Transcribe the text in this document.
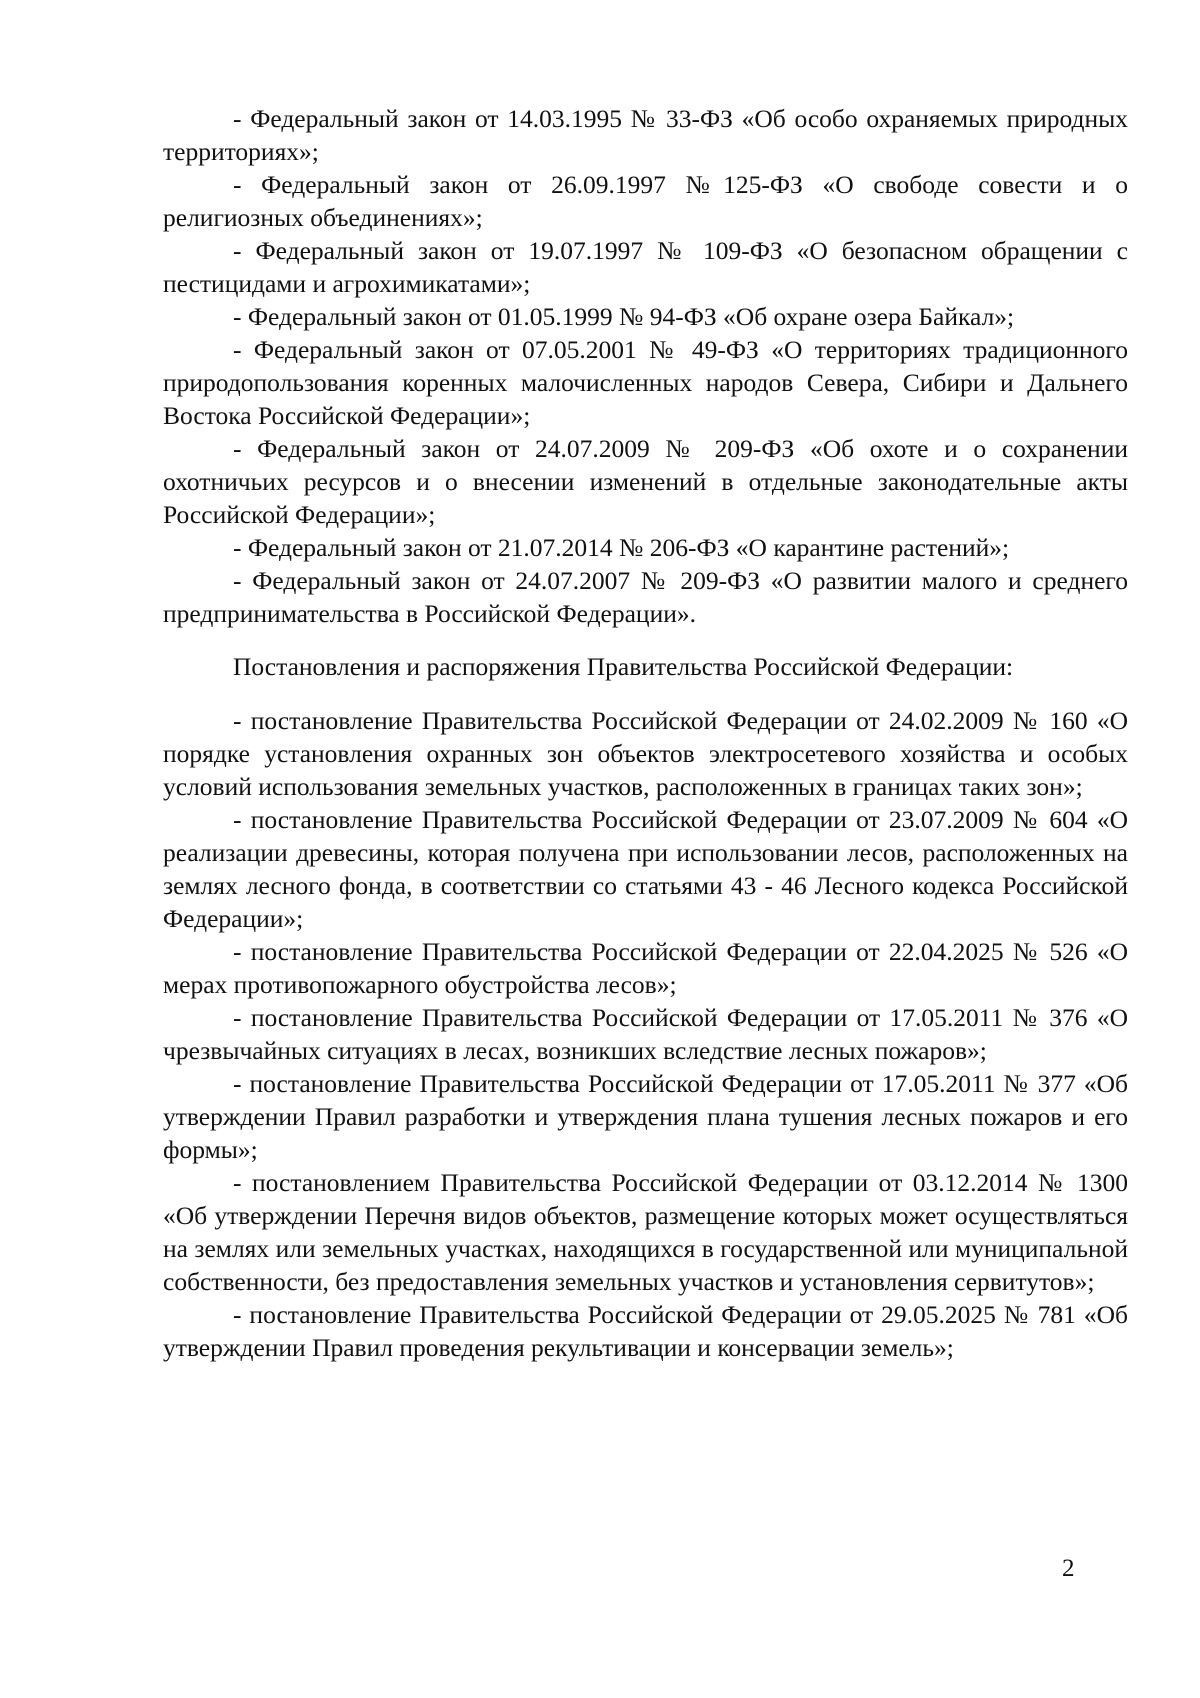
- Федеральный закон от 14.03.1995 № 33-ФЗ «Об особо охраняемых природных территориях»;

- Федеральный закон от 26.09.1997 №125-ФЗ «О свободе совести и о религиозных объединениях»;

- Федеральный закон от 19.07.1997 № 109-ФЗ «О безопасном обращении с пестицидами и агрохимикатами»;

- Федеральный закон от 01.05.1999 № 94-ФЗ «Об охране озера Байкал»;

- Федеральный закон от 07.05.2001 № 49-ФЗ «О территориях традиционного природопользования коренных малочисленных народов Севера, Сибири и Дальнего Востока Российской Федерации»;

- Федеральный закон от 24.07.2009 № 209-ФЗ «Об охоте и о сохранении охотничьих ресурсов и о внесении изменений в отдельные законодательные акты Российской Федерации»;

- Федеральный закон от 21.07.2014 № 206-ФЗ «О карантине растений»;

- Федеральный закон от 24.07.2007 № 209-ФЗ «О развитии малого и среднего предпринимательства в Российской Федерации».

Постановления и распоряжения Правительства Российской Федерации:

- постановление Правительства Российской Федерации от 24.02.2009 № 160 «О порядке установления охранных зон объектов электросетевого хозяйства и особых условий использования земельных участков, расположенных в границах таких зон»;

- постановление Правительства Российской Федерации от 23.07.2009 № 604 «О реализации древесины, которая получена при использовании лесов, расположенных на землях лесного фонда, в соответствии со статьями 43 - 46 Лесного кодекса Российской Федерации»;

- постановление Правительства Российской Федерации от 22.04.2025 № 526 «О мерах противопожарного обустройства лесов»;

- постановление Правительства Российской Федерации от 17.05.2011 № 376 «О чрезвычайных ситуациях в лесах, возникших вследствие лесных пожаров»;

- постановление Правительства Российской Федерации от 17.05.2011 № 377 «Об утверждении Правил разработки и утверждения плана тушения лесных пожаров и его формы»;

- постановлением Правительства Российской Федерации от 03.12.2014 № 1300 «Об утверждении Перечня видов объектов, размещение которых может осуществляться на землях или земельных участках, находящихся в государственной или муниципальной собственности, без предоставления земельных участков и установления сервитутов»;

- постановление Правительства Российской Федерации от 29.05.2025 № 781 «Об утверждении Правил проведения рекультивации и консервации земель»;

2
